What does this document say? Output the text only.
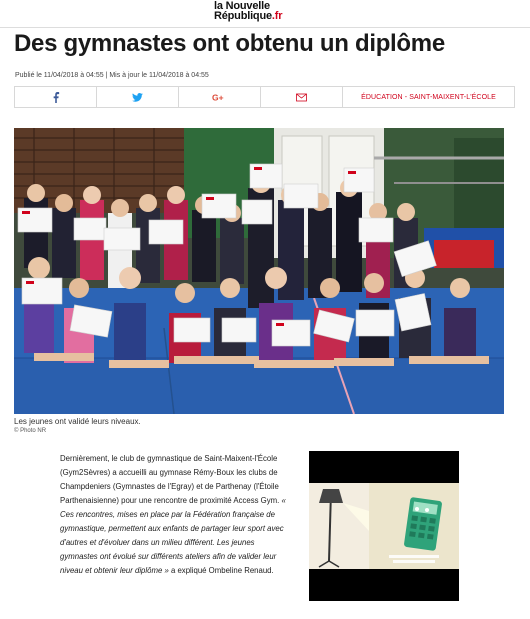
la Nouvelle
République.fr
Des gymnastes ont obtenu un diplôme
Publié le 11/04/2018 à 04:55 | Mis à jour le 11/04/2018 à 04:55
G+	ÉDUCATION - SAINT-MAIXENT-L'ÉCOLE
Les jeunes ont validé leurs niveaux.
© Photo NR

Dernièrement, le club de gymnastique de Saint-Maixent-l'École (Gym2Sèvres) a accueilli au gymnase Rémy-Boux les clubs de Champdeniers (Gymnastes de l'Egray) et de Parthenay (l'Étoile Parthenaisienne) pour une rencontre de proximité Access Gym. « Ces rencontres, mises en place par la Fédération française de gymnastique, permettent aux enfants de partager leur sport avec d'autres et d'évoluer dans un milieu différent. Les jeunes gymnastes ont évolué sur différents ateliers afin de valider leur niveau et obtenir leur diplôme » a expliqué Ombeline Renaud.
